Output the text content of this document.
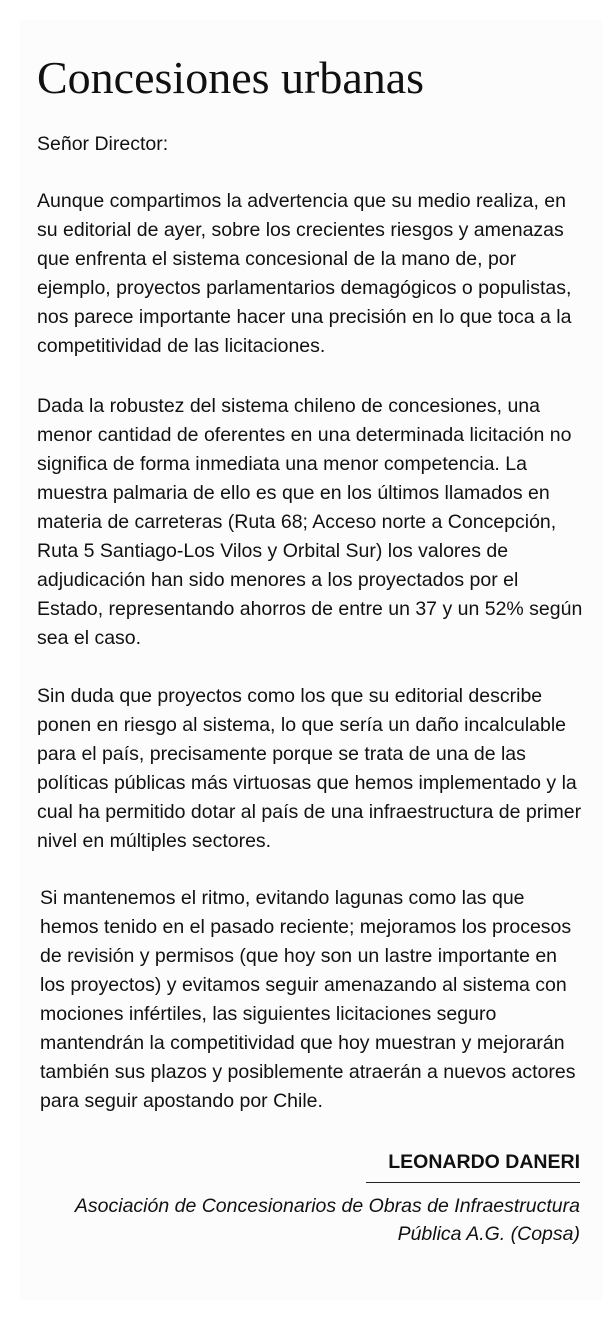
Concesiones urbanas

Señor Director:

Aunque compartimos la advertencia que su medio realiza, en su editorial de ayer, sobre los crecientes riesgos y amenazas que enfrenta el sistema concesional de la mano de, por ejemplo, proyectos parlamentarios demagógicos o populistas, nos parece importante hacer una precisión en lo que toca a la competitividad de las licitaciones.

Dada la robustez del sistema chileno de concesiones, una menor cantidad de oferentes en una determinada licitación no significa de forma inmediata una menor competencia. La muestra palmaria de ello es que en los últimos llamados en materia de carreteras (Ruta 68; Acceso norte a Concepción, Ruta 5 Santiago-Los Vilos y Orbital Sur) los valores de adjudicación han sido menores a los proyectados por el Estado, representando ahorros de entre un 37 y un 52% según sea el caso.

Sin duda que proyectos como los que su editorial describe ponen en riesgo al sistema, lo que sería un daño incalculable para el país, precisamente porque se trata de una de las políticas públicas más virtuosas que hemos implementado y la cual ha permitido dotar al país de una infraestructura de primer nivel en múltiples sectores.

Si mantenemos el ritmo, evitando lagunas como las que hemos tenido en el pasado reciente; mejoramos los procesos de revisión y permisos (que hoy son un lastre importante en los proyectos) y evitamos seguir amenazando al sistema con mociones infértiles, las siguientes licitaciones seguro mantendrán la competitividad que hoy muestran y mejorarán también sus plazos y posiblemente atraerán a nuevos actores para seguir apostando por Chile.

LEONARDO DANERI

Asociación de Concesionarios de Obras de Infraestructura
Pública A.G. (Copsa)
